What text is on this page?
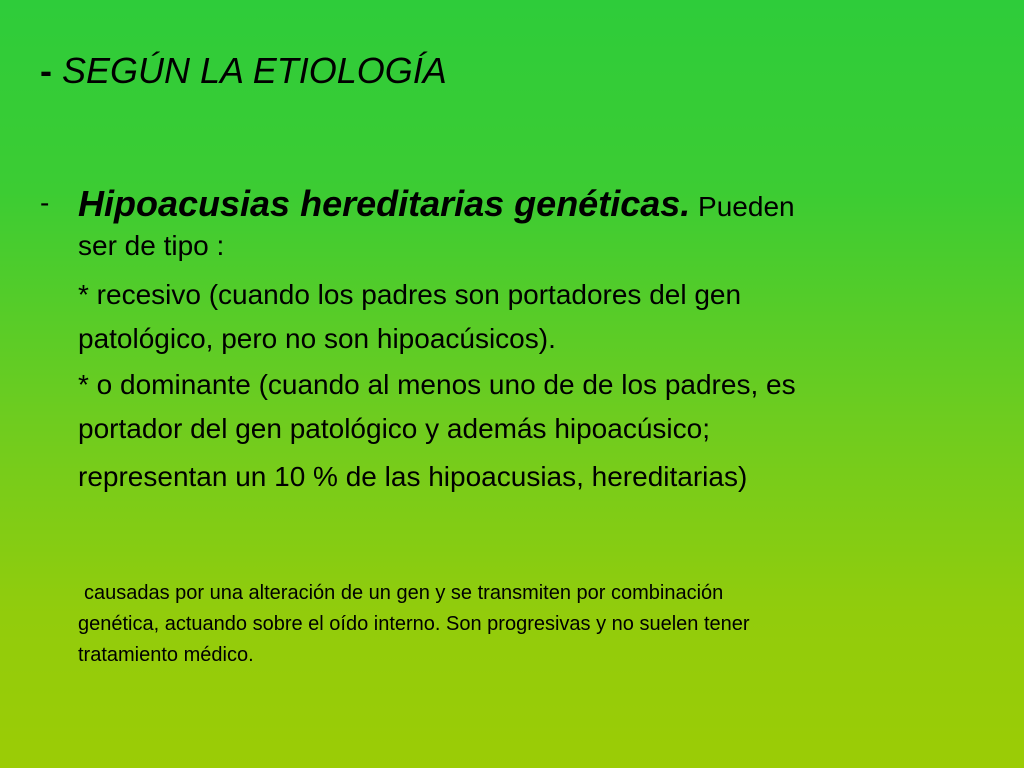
- SEGÚN LA ETIOLOGÍA
- Hipoacusias hereditarias genéticas. Pueden

ser de tipo :

* recesivo (cuando los padres son portadores del gen
patológico, pero no son hipoacúsicos).

* o dominante (cuando al menos uno de de los padres, es
portador del gen patológico y además hipoacúsico;

representan un 10 % de las hipoacusias, hereditarias)

causadas por una alteración de un gen y se transmiten por combinación

genética, actuando sobre el oído interno. Son progresivas y no suelen tener
tratamiento médico.
